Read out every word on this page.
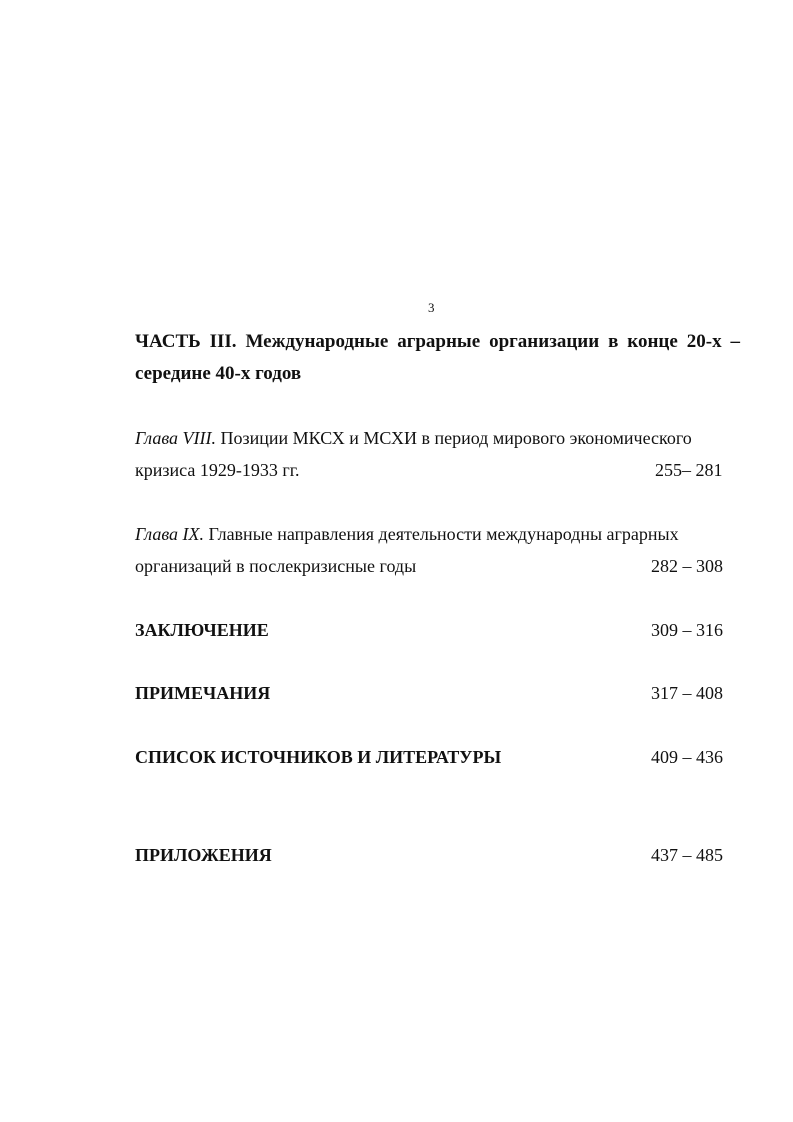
3
ЧАСТЬ III. Международные аграрные организации в конце 20-х –
середине 40-х годов
Глава VIII. Позиции МКСХ и МСХИ в период мирового экономического
кризиса 1929-1933 гг.	255– 281
Глава IX. Главные направления деятельности международны аграрных
организаций в послекризисные годы	282 – 308
ЗАКЛЮЧЕНИЕ	309 – 316
ПРИМЕЧАНИЯ	317 – 408
СПИСОК ИСТОЧНИКОВ И ЛИТЕРАТУРЫ	409 – 436
ПРИЛОЖЕНИЯ	437 – 485
